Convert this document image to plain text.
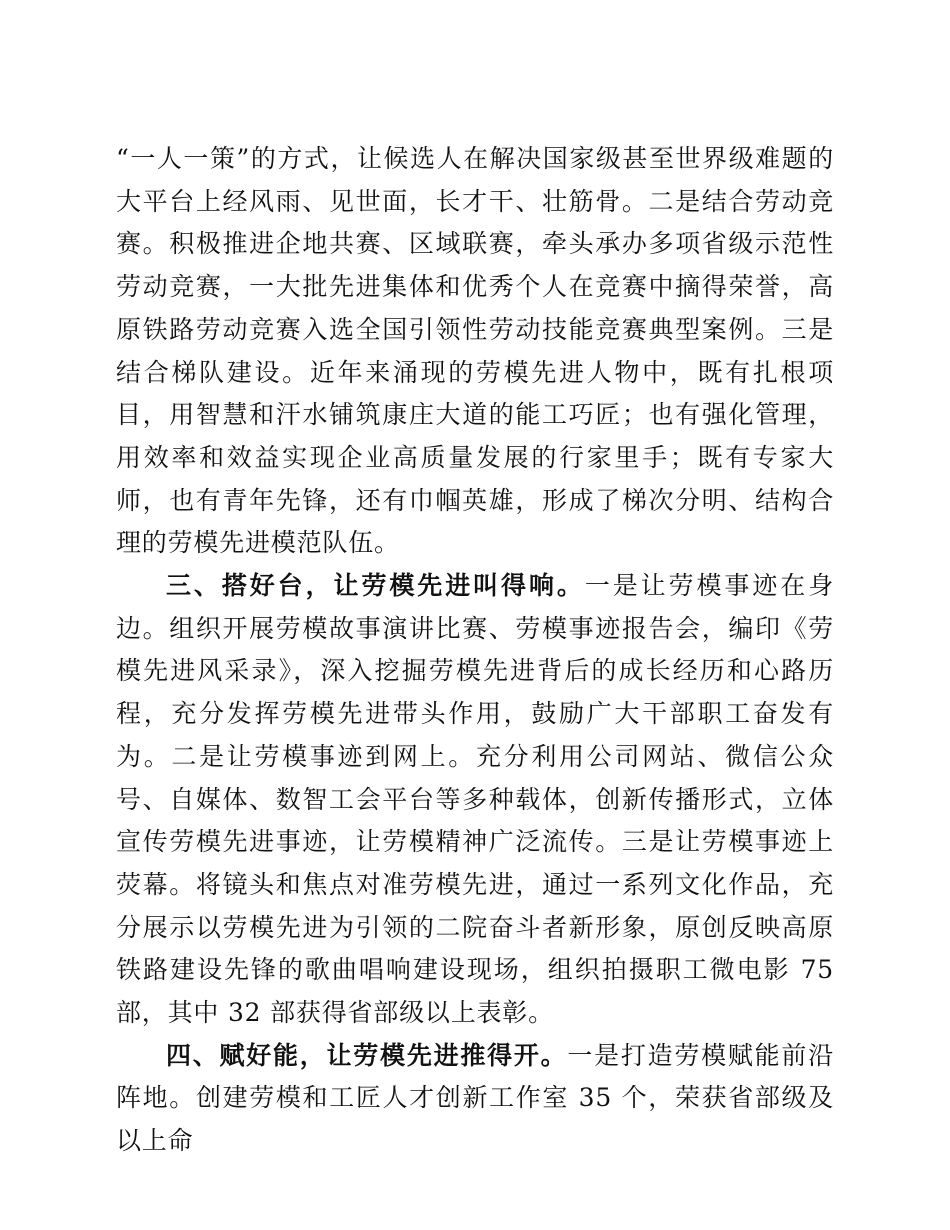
“一人一策”的方式，让候选人在解决国家级甚至世界级难题的大平台上经风雨、见世面，长才干、壮筋骨。二是结合劳动竞赛。积极推进企地共赛、区域联赛，牵头承办多项省级示范性劳动竞赛，一大批先进集体和优秀个人在竞赛中摘得荣誉，高原铁路劳动竞赛入选全国引领性劳动技能竞赛典型案例。三是结合梯队建设。近年来涌现的劳模先进人物中，既有扎根项目，用智慧和汗水铺筑康庄大道的能工巧匠；也有强化管理，用效率和效益实现企业高质量发展的行家里手；既有专家大师，也有青年先锋，还有巾帼英雄，形成了梯次分明、结构合理的劳模先进模范队伍。

三、搭好台，让劳模先进叫得响。一是让劳模事迹在身边。组织开展劳模故事演讲比赛、劳模事迹报告会，编印《劳模先进风采录》，深入挖掘劳模先进背后的成长经历和心路历程，充分发挥劳模先进带头作用，鼓励广大干部职工奋发有为。二是让劳模事迹到网上。充分利用公司网站、微信公众号、自媒体、数智工会平台等多种载体，创新传播形式，立体宣传劳模先进事迹，让劳模精神广泛流传。三是让劳模事迹上荧幕。将镜头和焦点对准劳模先进，通过一系列文化作品，充分展示以劳模先进为引领的二院奋斗者新形象，原创反映高原铁路建设先锋的歌曲唱响建设现场，组织拍摄职工微电影 75 部，其中 32 部获得省部级以上表彰。

四、赋好能，让劳模先进推得开。一是打造劳模赋能前沿阵地。创建劳模和工匠人才创新工作室 35 个，荣获省部级及以上命
